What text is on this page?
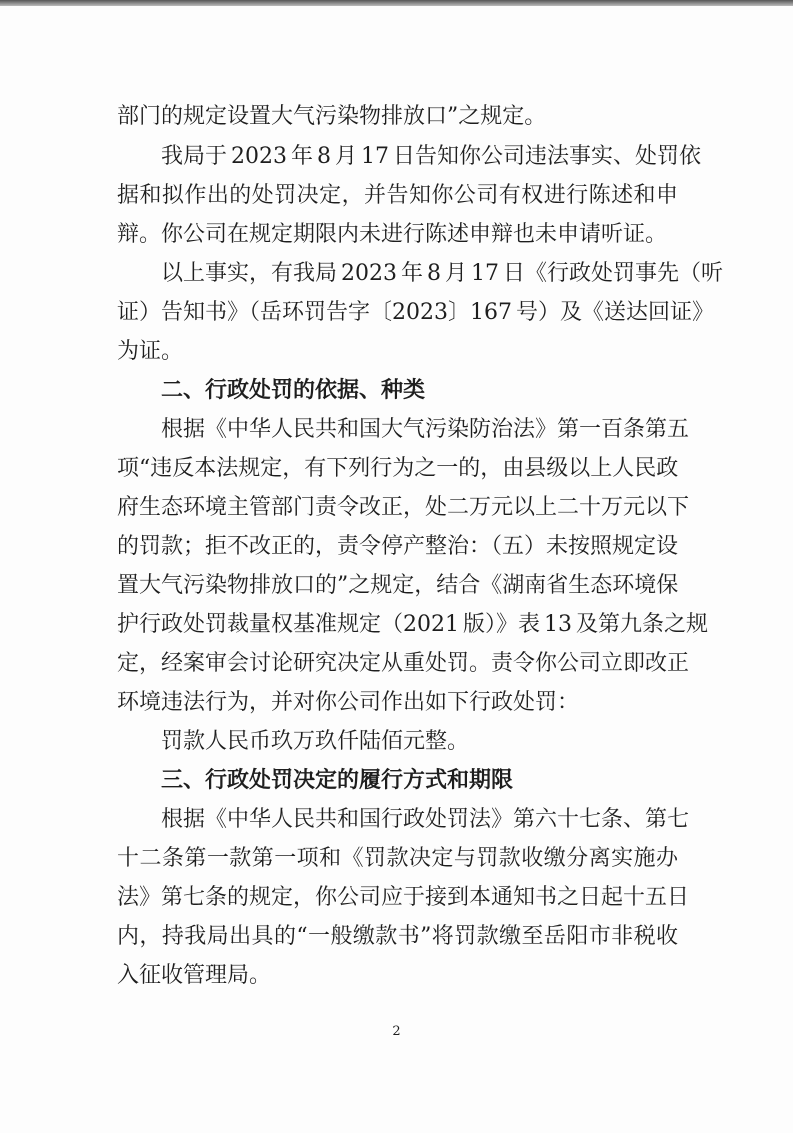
部门的规定设置大气污染物排放口”之规定。
我局于 2023 年 8 月 17 日告知你公司违法事实、处罚依
据和拟作出的处罚决定，并告知你公司有权进行陈述和申
辩。你公司在规定期限内未进行陈述申辩也未申请听证。
以上事实，有我局 2023 年 8 月 17 日《行政处罚事先（听
证）告知书》（岳环罚告字〔2023〕167 号）及《送达回证》
为证。
二、行政处罚的依据、种类
根据《中华人民共和国大气污染防治法》第一百条第五
项“违反本法规定，有下列行为之一的，由县级以上人民政
府生态环境主管部门责令改正，处二万元以上二十万元以下
的罚款；拒不改正的，责令停产整治：（五）未按照规定设
置大气污染物排放口的”之规定，结合《湖南省生态环境保
护行政处罚裁量权基准规定（2021 版）》表 13 及第九条之规
定，经案审会讨论研究决定从重处罚。责令你公司立即改正
环境违法行为，并对你公司作出如下行政处罚：
罚款人民币玖万玖仟陆佰元整。
三、行政处罚决定的履行方式和期限
根据《中华人民共和国行政处罚法》第六十七条、第七
十二条第一款第一项和《罚款决定与罚款收缴分离实施办
法》第七条的规定，你公司应于接到本通知书之日起十五日
内，持我局出具的“一般缴款书”将罚款缴至岳阳市非税收
入征收管理局。
2
